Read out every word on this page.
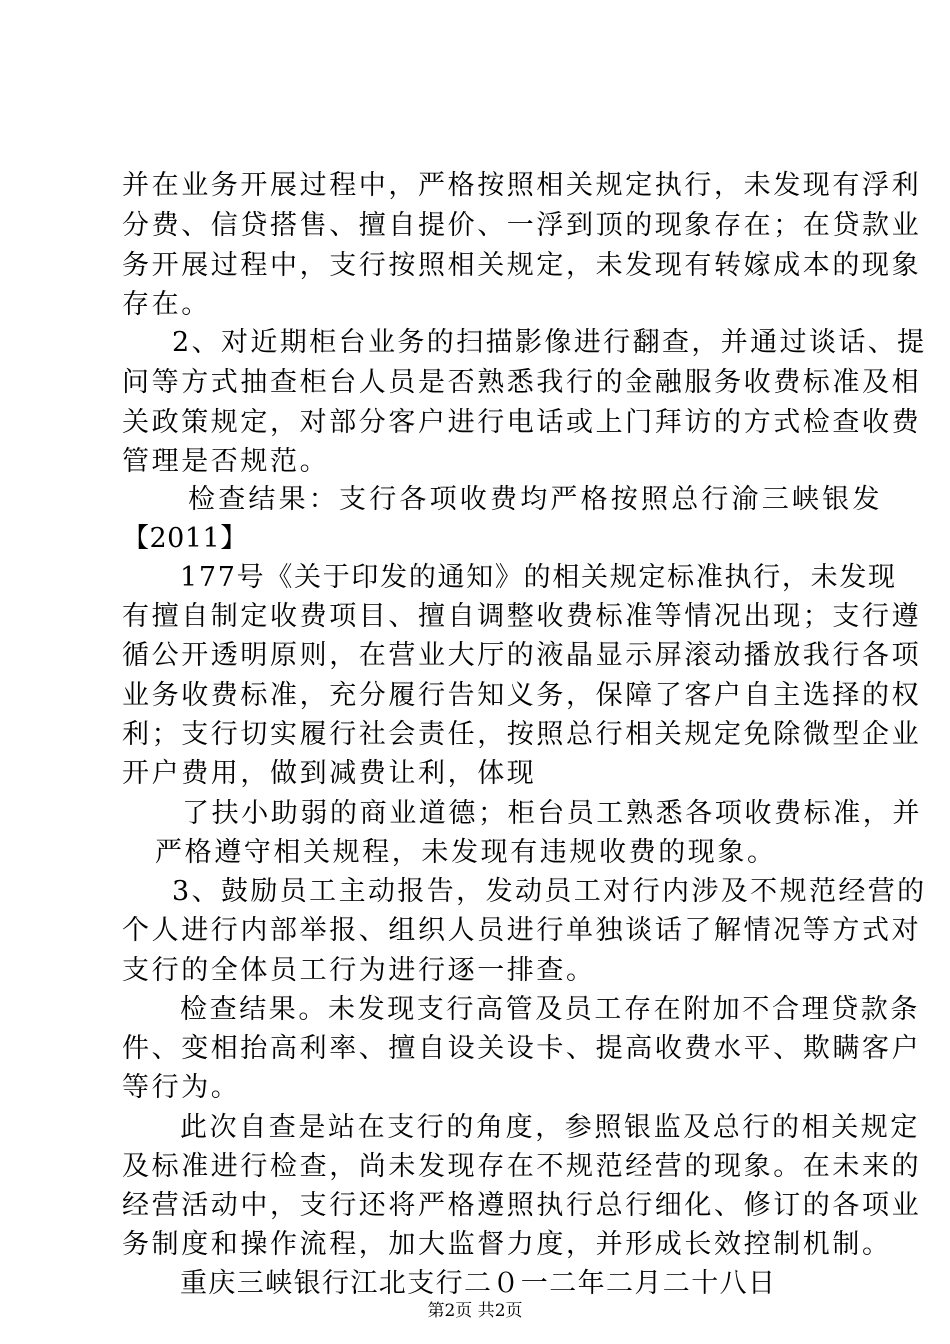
并在业务开展过程中，严格按照相关规定执行，未发现有浮利

分费、信贷搭售、擅自提价、一浮到顶的现象存在；在贷款业

务开展过程中，支行按照相关规定，未发现有转嫁成本的现象

存在。

2、对近期柜台业务的扫描影像进行翻查，并通过谈话、提

问等方式抽查柜台人员是否熟悉我行的金融服务收费标准及相

关政策规定，对部分客户进行电话或上门拜访的方式检查收费

管理是否规范。

检查结果：支行各项收费均严格按照总行渝三峡银发

【2011】

177号《关于印发的通知》的相关规定标准执行，未发现

有擅自制定收费项目、擅自调整收费标准等情况出现；支行遵

循公开透明原则，在营业大厅的液晶显示屏滚动播放我行各项

业务收费标准，充分履行告知义务，保障了客户自主选择的权

利；支行切实履行社会责任，按照总行相关规定免除微型企业

开户费用，做到减费让利，体现

了扶小助弱的商业道德；柜台员工熟悉各项收费标准，并

严格遵守相关规程，未发现有违规收费的现象。

3、鼓励员工主动报告，发动员工对行内涉及不规范经营的

个人进行内部举报、组织人员进行单独谈话了解情况等方式对

支行的全体员工行为进行逐一排查。

检查结果。未发现支行高管及员工存在附加不合理贷款条

件、变相抬高利率、擅自设关设卡、提高收费水平、欺瞒客户

等行为。

此次自查是站在支行的角度，参照银监及总行的相关规定

及标准进行检查，尚未发现存在不规范经营的现象。在未来的

经营活动中，支行还将严格遵照执行总行细化、修订的各项业

务制度和操作流程，加大监督力度，并形成长效控制机制。

重庆三峡银行江北支行二０一二年二月二十八日

第2页 共2页
